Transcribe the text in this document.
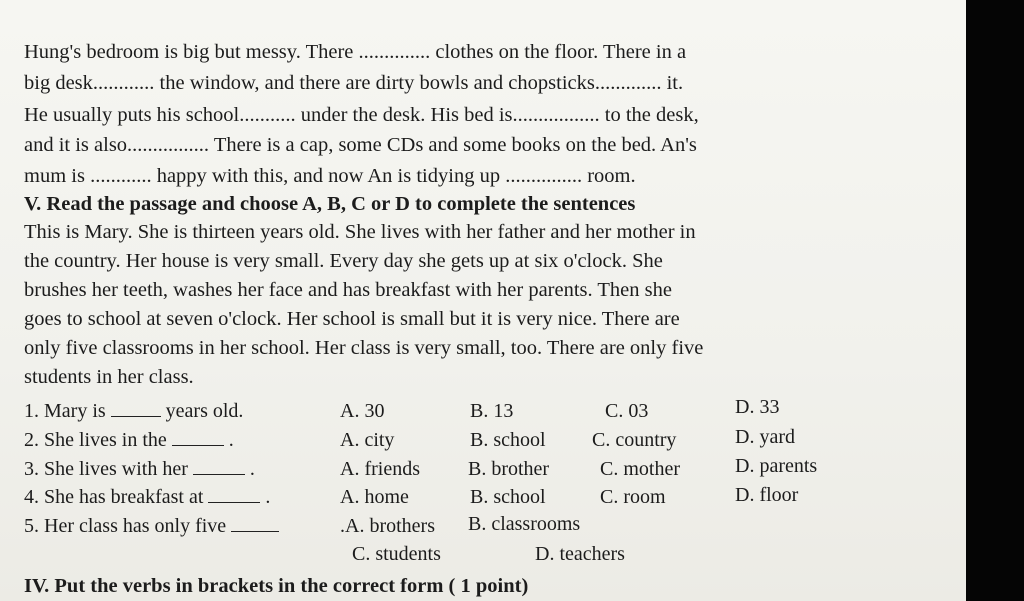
Hung's bedroom is big but messy. There .............. clothes on the floor. There in a
big desk............ the window, and there are dirty bowls and chopsticks............. it.
He usually puts his school........... under the desk. His bed is................. to the desk,
and it is also................ There is a cap, some CDs and some books on the bed. An's
mum is ............ happy with this, and now An is tidying up ............... room.
V. Read the passage and choose A, B, C or D to complete the sentences
This is Mary. She is thirteen years old. She lives with her father and her mother in
the country. Her house is very small. Every day she gets up at six o'clock. She
brushes her teeth, washes her face and has breakfast with her parents. Then she
goes to school at seven o'clock. Her school is small but it is very nice. There are
only five classrooms in her school. Her class is very small, too. There are only five
students in her class.
1. Mary is	years old.	A. 30	B. 13	C. 03	D. 33
2. She lives in the	.	A. city	B. school C. country	D. yard
3. She lives with her	.	A. friends B. brother	C. mother	D. parents
4. She has breakfast at	.	A. home	B. school	C. room	D. floor
5. Her class has only five	.A. brothers B. classrooms
C. students	D. teachers
IV. Put the verbs in brackets in the correct form ( 1 point)
